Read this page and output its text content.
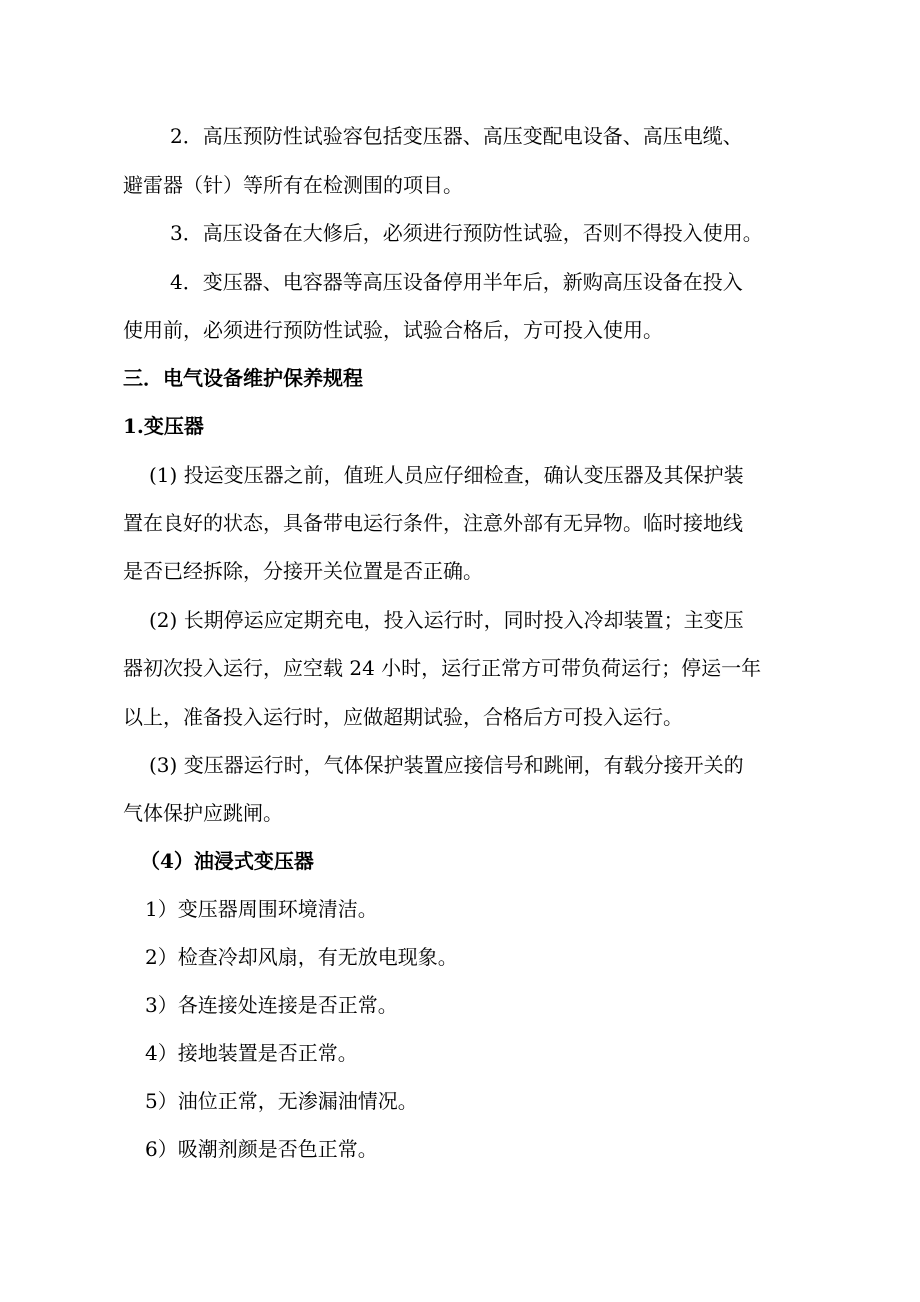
2．高压预防性试验容包括变压器、高压变配电设备、高压电缆、
避雷器（针）等所有在检测围的项目。
3．高压设备在大修后，必须进行预防性试验，否则不得投入使用。
4．变压器、电容器等高压设备停用半年后，新购高压设备在投入
使用前，必须进行预防性试验，试验合格后，方可投入使用。
三．电气设备维护保养规程
1.变压器
(1) 投运变压器之前，值班人员应仔细检查，确认变压器及其保护装
置在良好的状态，具备带电运行条件，注意外部有无异物。临时接地线
是否已经拆除，分接开关位置是否正确。
(2) 长期停运应定期充电，投入运行时，同时投入冷却装置；主变压
器初次投入运行，应空载 24 小时，运行正常方可带负荷运行；停运一年
以上，准备投入运行时，应做超期试验，合格后方可投入运行。
(3) 变压器运行时，气体保护装置应接信号和跳闸，有载分接开关的
气体保护应跳闸。
（4）油浸式变压器
1）变压器周围环境清洁。
2）检查冷却风扇，有无放电现象。
3）各连接处连接是否正常。
4）接地装置是否正常。
5）油位正常，无渗漏油情况。
6）吸潮剂颜是否色正常。
